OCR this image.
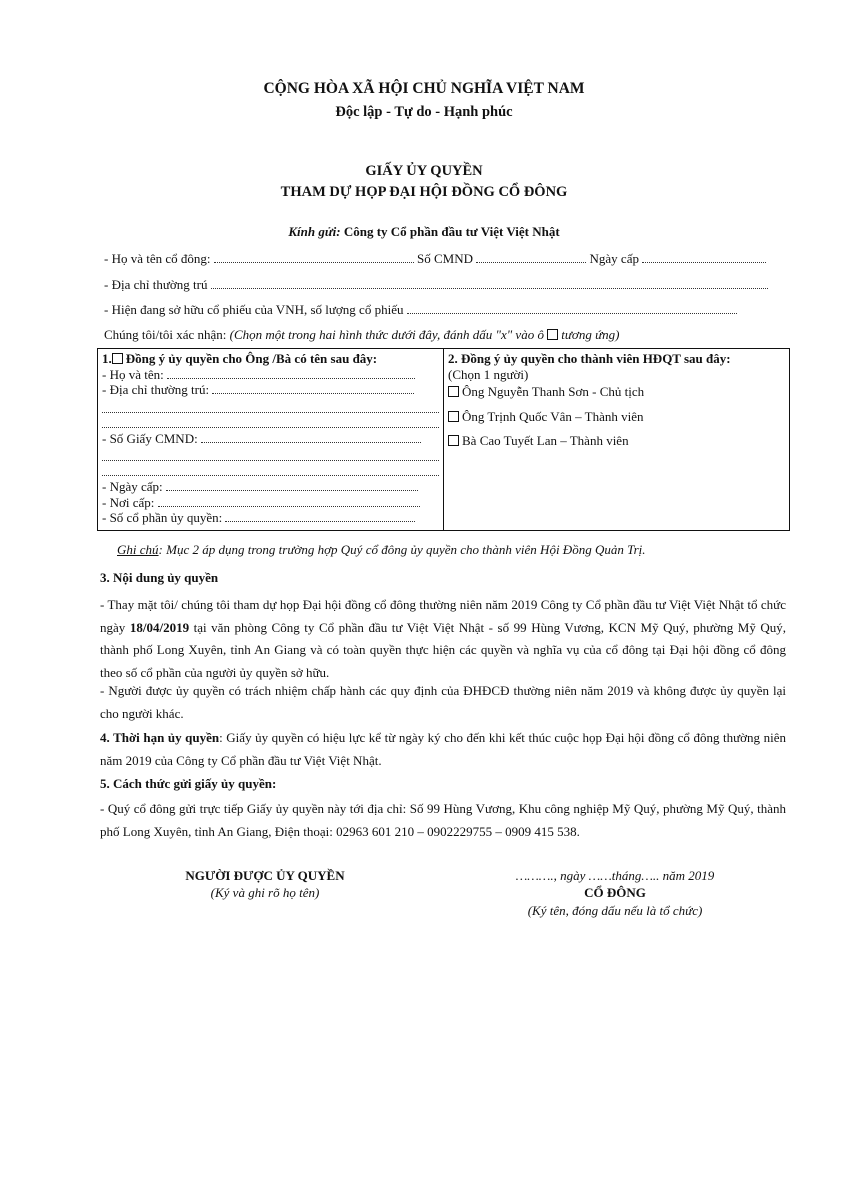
CỘNG HÒA XÃ HỘI CHỦ NGHĨA VIỆT NAM
Độc lập - Tự do - Hạnh phúc
GIẤY ỦY QUYỀN
THAM DỰ HỌP ĐẠI HỘI ĐỒNG CỔ ĐÔNG
Kính gửi: Công ty Cổ phần đầu tư Việt Việt Nhật
- Họ và tên cổ đông:	Số CMND	Ngày cấp
- Địa chỉ thường trú
- Hiện đang sở hữu cổ phiếu của VNH, số lượng cổ phiếu
Chúng tôi/tôi xác nhận: (Chọn một trong hai hình thức dưới đây, đánh dấu "x" vào ô tương ứng)
1. Đồng ý ủy quyền cho Ông /Bà có tên sau đây:
- Họ và tên:
- Địa chỉ thường trú:
- Số Giấy CMND:
- Ngày cấp:
- Nơi cấp:
- Số cổ phần ủy quyền:

2. Đồng ý ủy quyền cho thành viên HĐQT sau đây:
(Chọn 1 người)
Ông Nguyễn Thanh Sơn - Chủ tịch
Ông Trịnh Quốc Vân – Thành viên
Bà Cao Tuyết Lan – Thành viên
Ghi chú: Mục 2 áp dụng trong trường hợp Quý cổ đông ủy quyền cho thành viên Hội Đồng Quản Trị.
3. Nội dung ủy quyền
- Thay mặt tôi/ chúng tôi tham dự họp Đại hội đồng cổ đông thường niên năm 2019 Công ty Cổ phần đầu tư Việt Việt Nhật tổ chức ngày 18/04/2019 tại văn phòng Công ty Cổ phần đầu tư Việt Việt Nhật - số 99 Hùng Vương, KCN Mỹ Quý, phường Mỹ Quý, thành phố Long Xuyên, tỉnh An Giang và có toàn quyền thực hiện các quyền và nghĩa vụ của cổ đông tại Đại hội đồng cổ đông theo số cổ phần của người ủy quyền sở hữu.
- Người được ủy quyền có trách nhiệm chấp hành các quy định của ĐHĐCĐ thường niên năm 2019 và không được ủy quyền lại cho người khác.
4. Thời hạn ủy quyền: Giấy ủy quyền có hiệu lực kể từ ngày ký cho đến khi kết thúc cuộc họp Đại hội đồng cổ đông thường niên năm 2019 của Công ty Cổ phần đầu tư Việt Việt Nhật.
5. Cách thức gửi giấy ủy quyền:
- Quý cổ đông gửi trực tiếp Giấy ủy quyền này tới địa chỉ: Số 99 Hùng Vương, Khu công nghiệp Mỹ Quý, phường Mỹ Quý, thành phố Long Xuyên, tỉnh An Giang, Điện thoại: 02963 601 210 – 0902229755 – 0909 415 538.
NGƯỜI ĐƯỢC ỦY QUYỀN
(Ký và ghi rõ họ tên)
………., ngày ……tháng….. năm 2019
CỔ ĐÔNG
(Ký tên, đóng dấu nếu là tổ chức)
